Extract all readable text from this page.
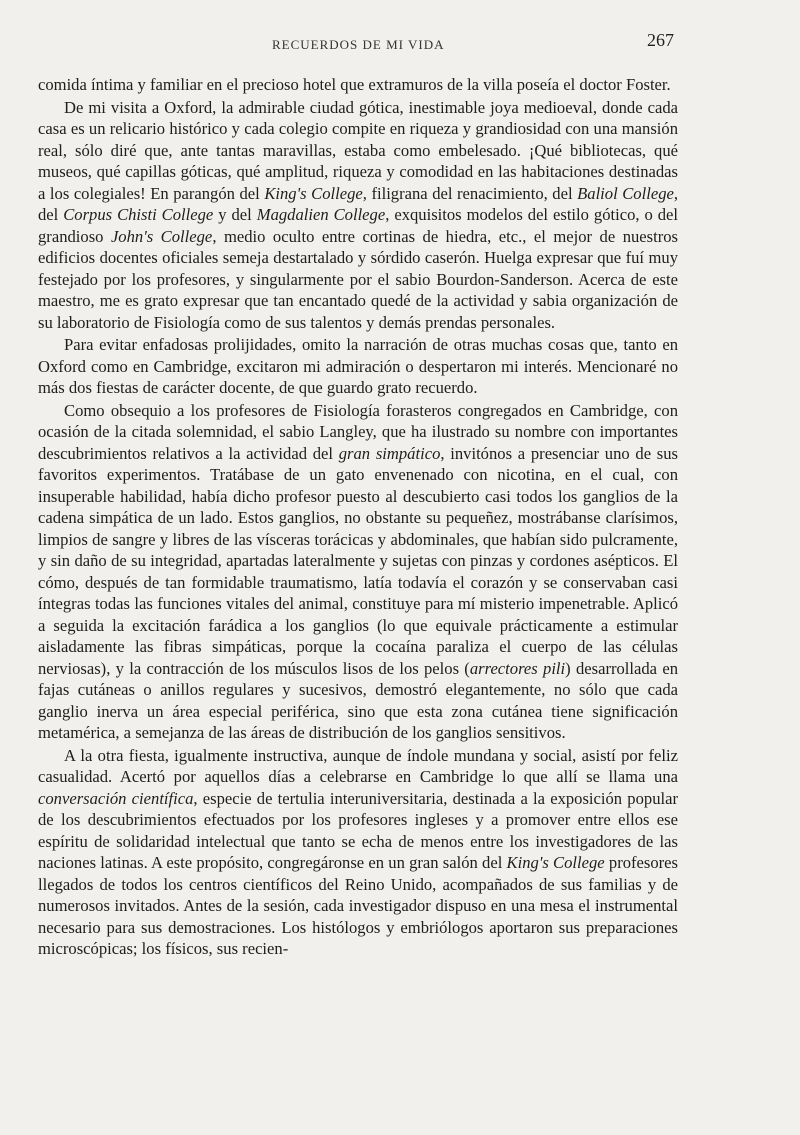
RECUERDOS DE MI VIDA	267

comida íntima y familiar en el precioso hotel que extramuros de la villa poseía el doctor Foster.

De mi visita a Oxford, la admirable ciudad gótica, inestimable joya medioeval, donde cada casa es un relicario histórico y cada colegio compite en riqueza y grandiosidad con una mansión real, sólo diré que, ante tantas maravillas, estaba como embelesado. ¡Qué bibliotecas, qué museos, qué capillas góticas, qué amplitud, riqueza y comodidad en las habitaciones destinadas a los colegiales! En parangón del King's College, filigrana del renacimiento, del Baliol College, del Corpus Chisti College y del Magdalien College, exquisitos modelos del estilo gótico, o del grandioso John's College, medio oculto entre cortinas de hiedra, etc., el mejor de nuestros edificios docentes oficiales semeja destartalado y sórdido caserón. Huelga expresar que fuí muy festejado por los profesores, y singularmente por el sabio Bourdon-Sanderson. Acerca de este maestro, me es grato expresar que tan encantado quedé de la actividad y sabia organización de su laboratorio de Fisiología como de sus talentos y demás prendas personales.

Para evitar enfadosas prolijidades, omito la narración de otras muchas cosas que, tanto en Oxford como en Cambridge, excitaron mi admiración o despertaron mi interés. Mencionaré no más dos fiestas de carácter docente, de que guardo grato recuerdo.

Como obsequio a los profesores de Fisiología forasteros congregados en Cambridge, con ocasión de la citada solemnidad, el sabio Langley, que ha ilustrado su nombre con importantes descubrimientos relativos a la actividad del gran simpático, invitónos a presenciar uno de sus favoritos experimentos. Tratábase de un gato envenenado con nicotina, en el cual, con insuperable habilidad, había dicho profesor puesto al descubierto casi todos los ganglios de la cadena simpática de un lado. Estos ganglios, no obstante su pequeñez, mostrábanse clarísimos, limpios de sangre y libres de las vísceras torácicas y abdominales, que habían sido pulcramente, y sin daño de su integridad, apartadas lateralmente y sujetas con pinzas y cordones asépticos. El cómo, después de tan formidable traumatismo, latía todavía el corazón y se conservaban casi íntegras todas las funciones vitales del animal, constituye para mí misterio impenetrable. Aplicó a seguida la excitación farádica a los ganglios (lo que equivale prácticamente a estimular aisladamente las fibras simpáticas, porque la cocaína paraliza el cuerpo de las células nerviosas), y la contracción de los músculos lisos de los pelos (arrectores pili) desarrollada en fajas cutáneas o anillos regulares y sucesivos, demostró elegantemente, no sólo que cada ganglio inerva un área especial periférica, sino que esta zona cutánea tiene significación metamérica, a semejanza de las áreas de distribución de los ganglios sensitivos.

A la otra fiesta, igualmente instructiva, aunque de índole mundana y social, asistí por feliz casualidad. Acertó por aquellos días a celebrarse en Cambridge lo que allí se llama una conversación científica, especie de tertulia interuniversitaria, destinada a la exposición popular de los descubrimientos efectuados por los profesores ingleses y a promover entre ellos ese espíritu de solidaridad intelectual que tanto se echa de menos entre los investigadores de las naciones latinas. A este propósito, congregáronse en un gran salón del King's College profesores llegados de todos los centros científicos del Reino Unido, acompañados de sus familias y de numerosos invitados. Antes de la sesión, cada investigador dispuso en una mesa el instrumental necesario para sus demostraciones. Los histólogos y embriólogos aportaron sus preparaciones microscópicas; los físicos, sus recien-
